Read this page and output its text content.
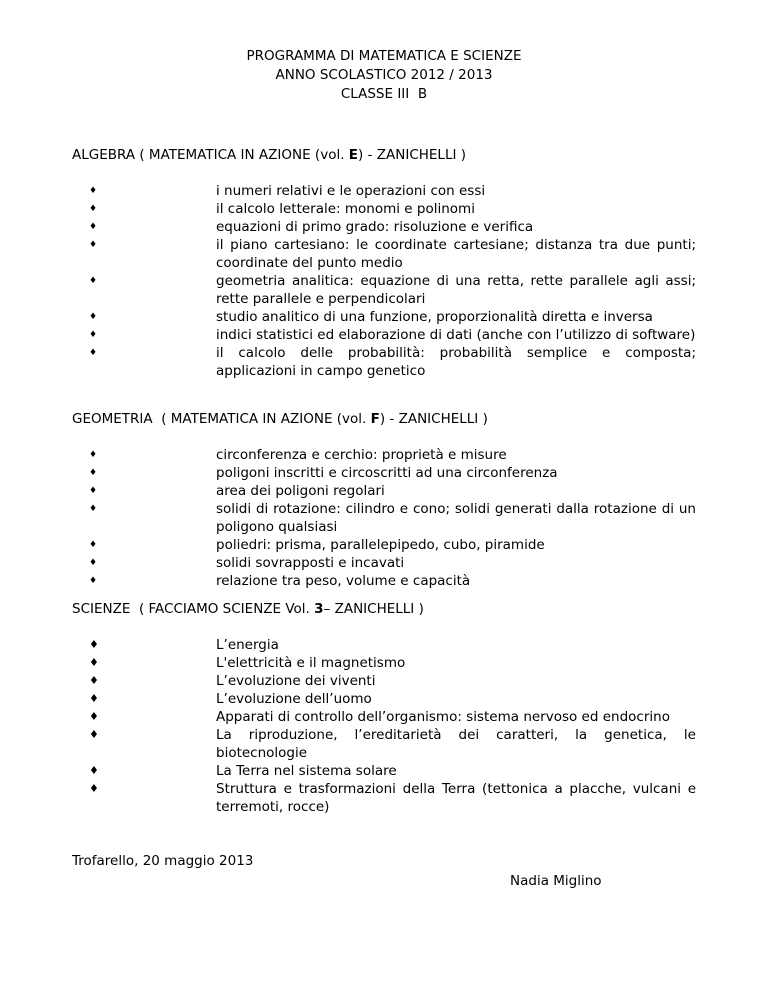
PROGRAMMA DI MATEMATICA E SCIENZE
ANNO SCOLASTICO 2012 / 2013
CLASSE III  B
ALGEBRA ( MATEMATICA IN AZIONE (vol. E) - ZANICHELLI )
♦	i numeri relativi e le operazioni con essi
♦	il calcolo letterale: monomi e polinomi
♦	equazioni di primo grado: risoluzione e verifica
♦	il piano cartesiano: le coordinate cartesiane; distanza tra due punti; coordinate del punto medio
♦	geometria analitica: equazione di una retta, rette parallele agli assi; rette parallele e perpendicolari
♦	studio analitico di una funzione, proporzionalità diretta e inversa
♦	indici statistici ed elaborazione di dati (anche con l’utilizzo di software)
♦	il calcolo delle probabilità: probabilità semplice e composta; applicazioni in campo genetico
GEOMETRIA  ( MATEMATICA IN AZIONE (vol. F) - ZANICHELLI )
♦	circonferenza e cerchio: proprietà e misure
♦	poligoni inscritti e circoscritti ad una circonferenza
♦	area dei poligoni regolari
♦	solidi di rotazione: cilindro e cono; solidi generati dalla rotazione di un poligono qualsiasi
♦	poliedri: prisma, parallelepipedo, cubo, piramide
♦	solidi sovrapposti e incavati
♦	relazione tra peso, volume e capacità
SCIENZE  ( FACCIAMO SCIENZE Vol. 3– ZANICHELLI )
♦	L’energia
♦	L'elettricità e il magnetismo
♦	L’evoluzione dei viventi
♦	L’evoluzione dell’uomo
♦	Apparati di controllo dell’organismo: sistema nervoso ed endocrino
♦	La riproduzione, l’ereditarietà dei caratteri, la genetica, le biotecnologie
♦	La Terra nel sistema solare
♦	Struttura e trasformazioni della Terra (tettonica a placche, vulcani e terremoti, rocce)
Trofarello, 20 maggio 2013
Nadia Miglino
